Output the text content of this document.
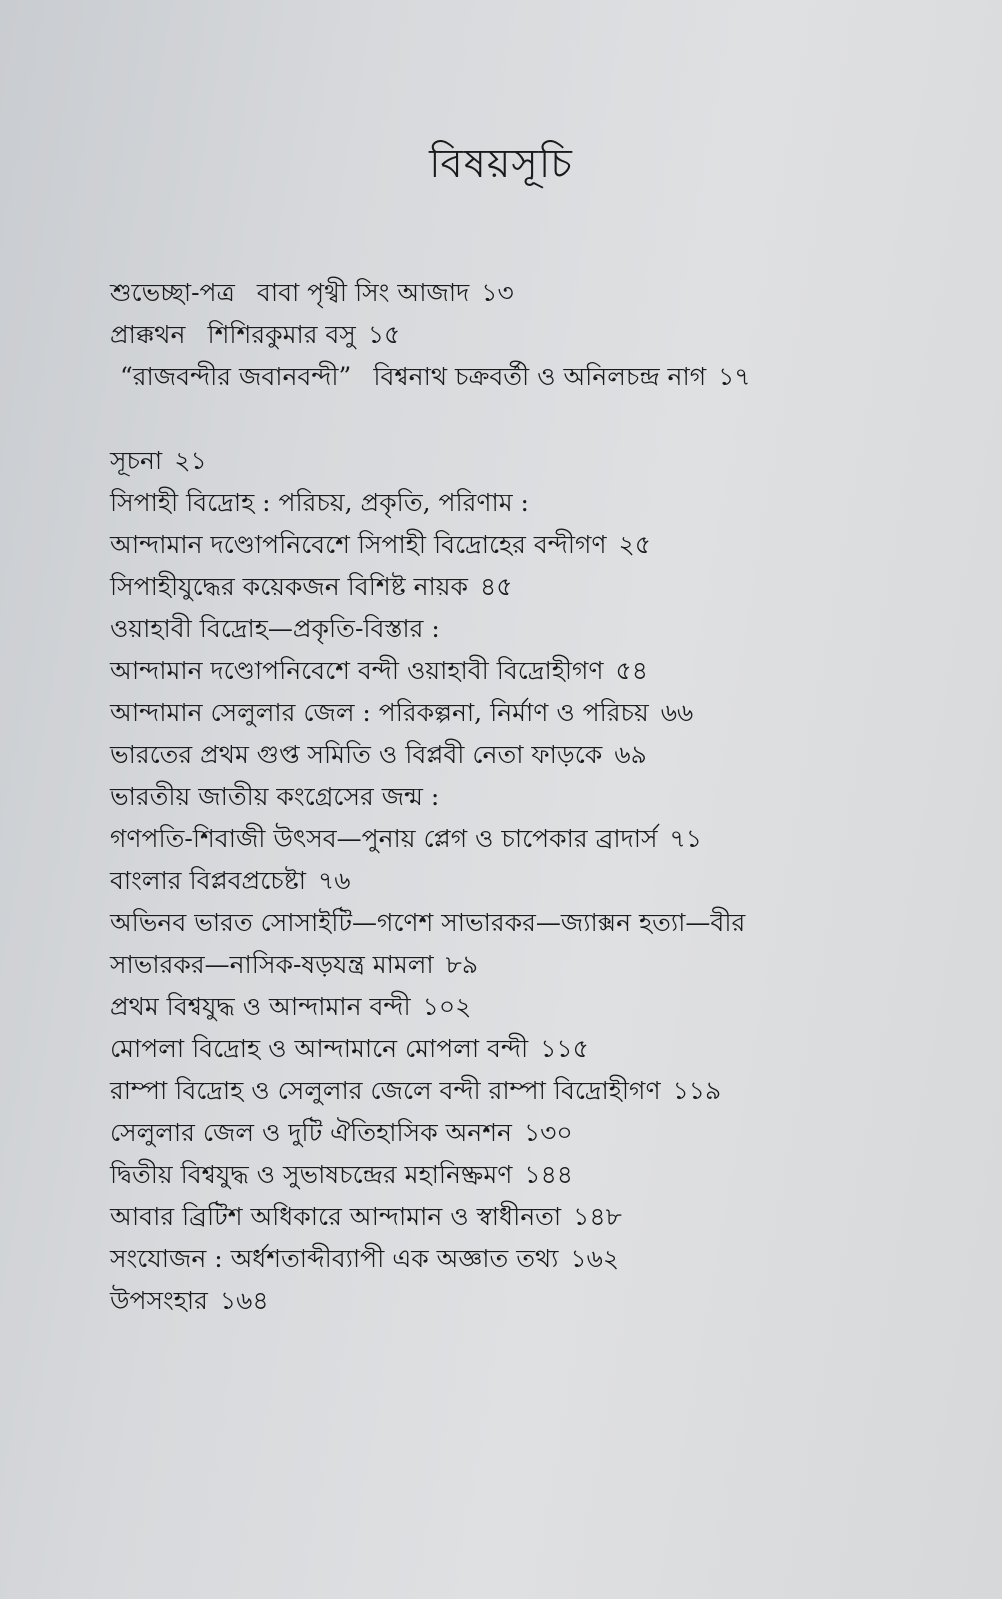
বিষয়সূচি
শুভেচ্ছা-পত্র বাবা পৃথ্বী সিং আজাদ ১৩
প্রাক্কথন শিশিরকুমার বসু ১৫
“রাজবন্দীর জবানবন্দী” বিশ্বনাথ চক্রবর্তী ও অনিলচন্দ্র নাগ ১৭
সূচনা ২১
সিপাহী বিদ্রোহ : পরিচয়, প্রকৃতি, পরিণাম :
আন্দামান দণ্ডোপনিবেশে সিপাহী বিদ্রোহের বন্দীগণ ২৫
সিপাহীযুদ্ধের কয়েকজন বিশিষ্ট নায়ক ৪৫
ওয়াহাবী বিদ্রোহ—প্রকৃতি-বিস্তার :
আন্দামান দণ্ডোপনিবেশে বন্দী ওয়াহাবী বিদ্রোহীগণ ৫৪
আন্দামান সেলুলার জেল : পরিকল্পনা, নির্মাণ ও পরিচয় ৬৬
ভারতের প্রথম গুপ্ত সমিতি ও বিপ্লবী নেতা ফাড়কে ৬৯
ভারতীয় জাতীয় কংগ্রেসের জন্ম :
গণপতি-শিবাজী উৎসব—পুনায় প্লেগ ও চাপেকার ব্রাদার্স ৭১
বাংলার বিপ্লবপ্রচেষ্টা ৭৬
অভিনব ভারত সোসাইটি—গণেশ সাভারকর—জ্যাক্সন হত্যা—বীর
সাভারকর—নাসিক-ষড়যন্ত্র মামলা ৮৯
প্রথম বিশ্বযুদ্ধ ও আন্দামান বন্দী ১০২
মোপলা বিদ্রোহ ও আন্দামানে মোপলা বন্দী ১১৫
রাম্পা বিদ্রোহ ও সেলুলার জেলে বন্দী রাম্পা বিদ্রোহীগণ ১১৯
সেলুলার জেল ও দুটি ঐতিহাসিক অনশন ১৩০
দ্বিতীয় বিশ্বযুদ্ধ ও সুভাষচন্দ্রের মহানিষ্ক্রমণ ১৪৪
আবার ব্রিটিশ অধিকারে আন্দামান ও স্বাধীনতা ১৪৮
সংযোজন : অর্ধশতাব্দীব্যাপী এক অজ্ঞাত তথ্য ১৬২
উপসংহার ১৬৪
